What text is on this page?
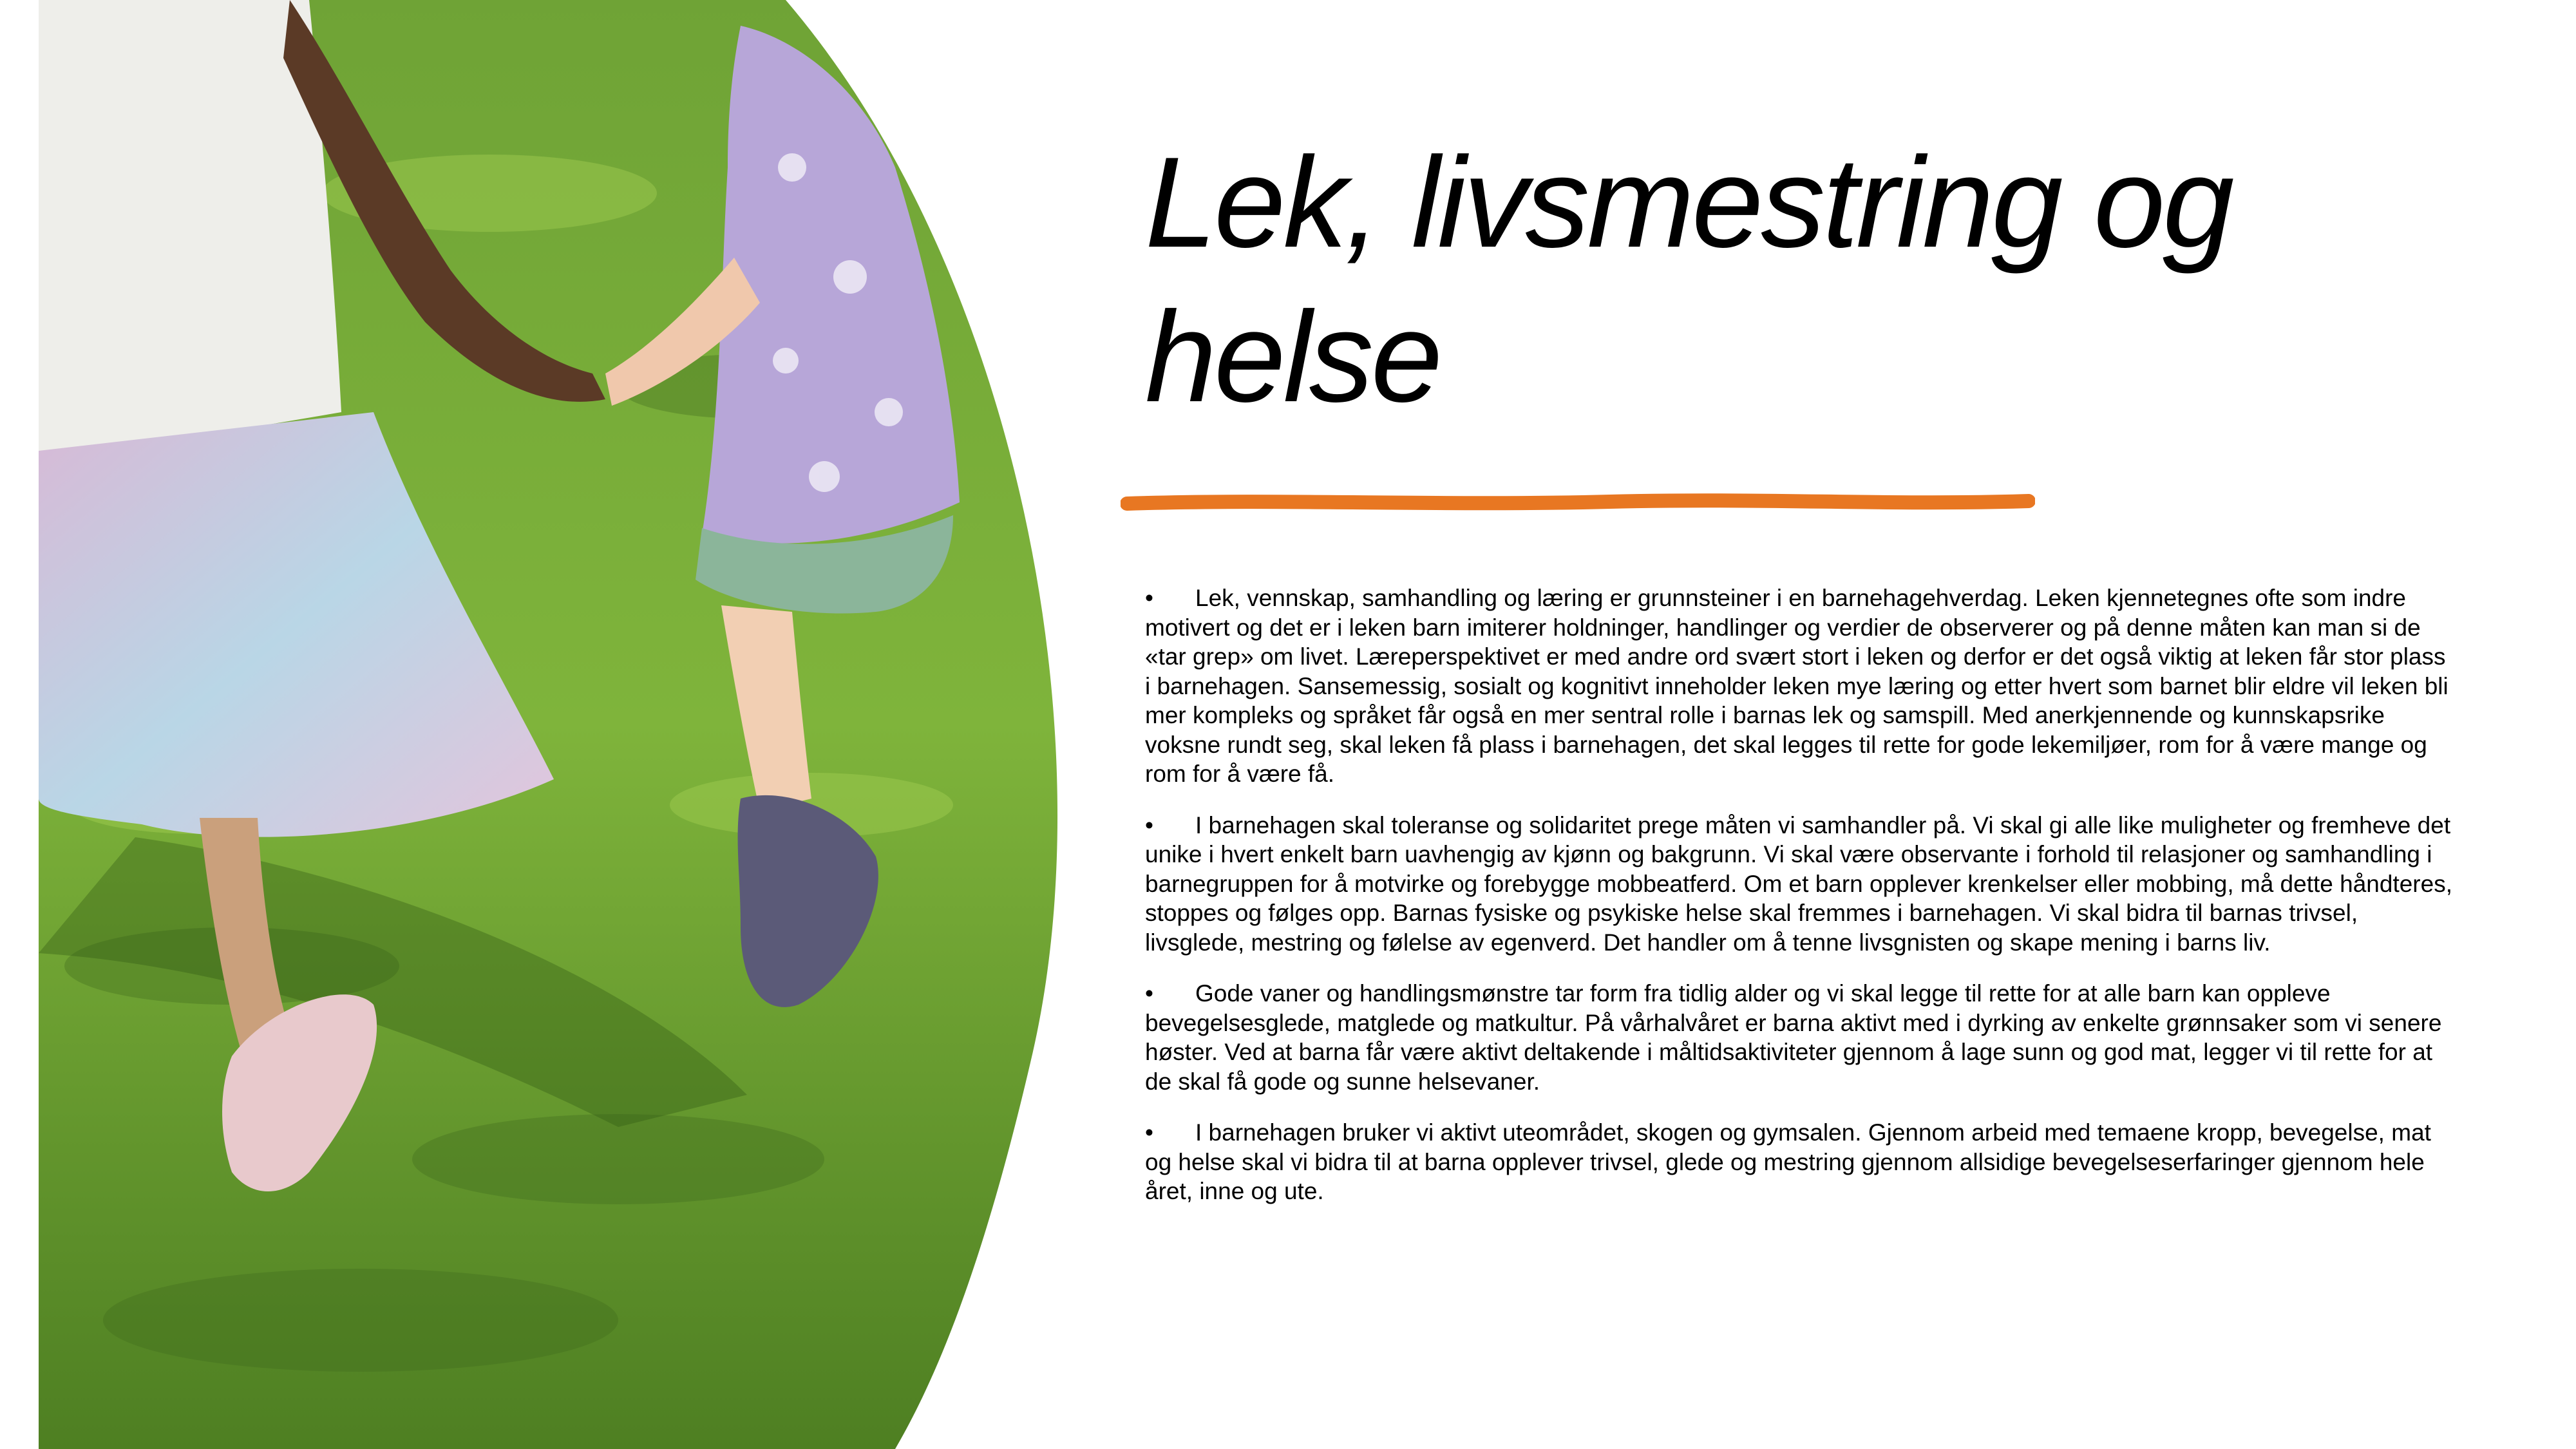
Lek, livsmestring og
helse

• Lek, vennskap, samhandling og læring er grunnsteiner i en barnehagehverdag. Leken kjennetegnes ofte som indre motivert og det er i leken barn imiterer holdninger, handlinger og verdier de observerer og på denne måten kan man si de «tar grep» om livet. Læreperspektivet er med andre ord svært stort i leken og derfor er det også viktig at leken får stor plass i barnehagen. Sansemessig, sosialt og kognitivt inneholder leken mye læring og etter hvert som barnet blir eldre vil leken bli mer kompleks og språket får også en mer sentral rolle i barnas lek og samspill. Med anerkjennende og kunnskapsrike voksne rundt seg, skal leken få plass i barnehagen, det skal legges til rette for gode lekemiljøer, rom for å være mange og rom for å være få.

• I barnehagen skal toleranse og solidaritet prege måten vi samhandler på. Vi skal gi alle like muligheter og fremheve det unike i hvert enkelt barn uavhengig av kjønn og bakgrunn. Vi skal være observante i forhold til relasjoner og samhandling i barnegruppen for å motvirke og forebygge mobbeatferd. Om et barn opplever krenkelser eller mobbing, må dette håndteres, stoppes og følges opp. Barnas fysiske og psykiske helse skal fremmes i barnehagen. Vi skal bidra til barnas trivsel, livsglede, mestring og følelse av egenverd. Det handler om å tenne livsgnisten og skape mening i barns liv.

• Gode vaner og handlingsmønstre tar form fra tidlig alder og vi skal legge til rette for at alle barn kan oppleve bevegelsesglede, matglede og matkultur. På vårhalvåret er barna aktivt med i dyrking av enkelte grønnsaker som vi senere høster. Ved at barna får være aktivt deltakende i måltidsaktiviteter gjennom å lage sunn og god mat, legger vi til rette for at de skal få gode og sunne helsevaner.

• I barnehagen bruker vi aktivt uteområdet, skogen og gymsalen. Gjennom arbeid med temaene kropp, bevegelse, mat og helse skal vi bidra til at barna opplever trivsel, glede og mestring gjennom allsidige bevegelseserfaringer gjennom hele året, inne og ute.
